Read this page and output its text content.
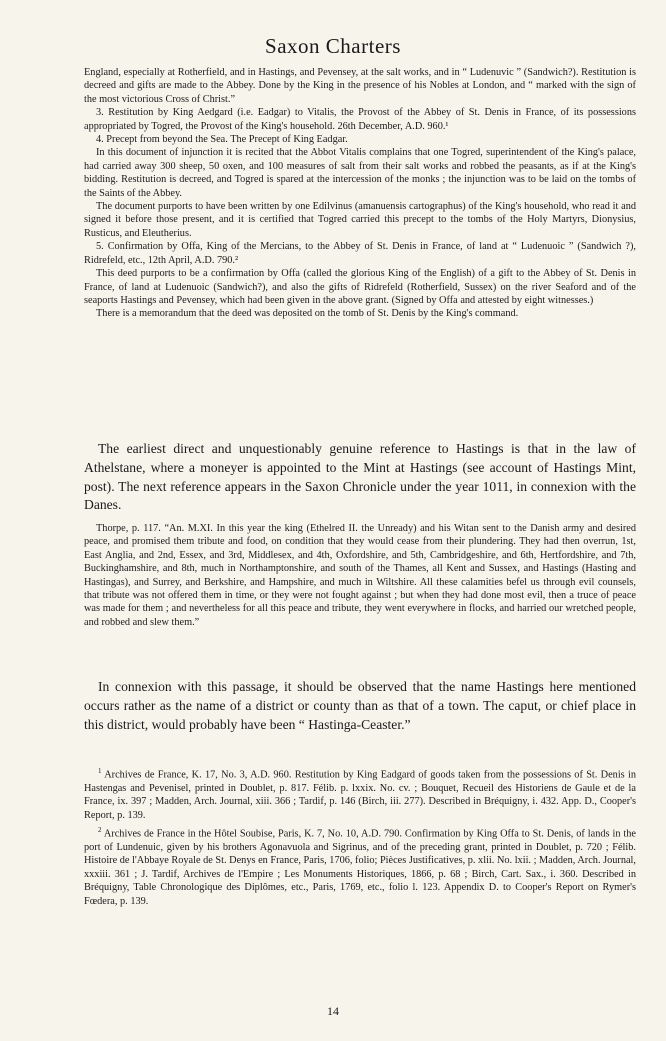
Saxon Charters

England, especially at Rotherfield, and in Hastings, and Pevensey, at the salt works, and in “ Ludenuvic ” (Sandwich?). Restitution is decreed and gifts are made to the Abbey. Done by the King in the presence of his Nobles at London, and “ marked with the sign of the most victorious Cross of Christ.”

3. Restitution by King Aedgard (i.e. Eadgar) to Vitalis, the Provost of the Abbey of St. Denis in France, of its possessions appropriated by Togred, the Provost of the King's household. 26th December, A.D. 960.¹

4. Precept from beyond the Sea. The Precept of King Eadgar.

In this document of injunction it is recited that the Abbot Vitalis complains that one Togred, superintendent of the King's palace, had carried away 300 sheep, 50 oxen, and 100 measures of salt from their salt works and robbed the peasants, as if at the King's bidding. Restitution is decreed, and Togred is spared at the intercession of the monks ; the injunction was to be laid on the tombs of the Saints of the Abbey.

The document purports to have been written by one Edilvinus (amanuensis cartographus) of the King's household, who read it and signed it before those present, and it is certified that Togred carried this precept to the tombs of the Holy Martyrs, Dionysius, Rusticus, and Eleutherius.

5. Confirmation by Offa, King of the Mercians, to the Abbey of St. Denis in France, of land at “ Ludenuoic ” (Sandwich ?), Ridrefeld, etc., 12th April, A.D. 790.²

This deed purports to be a confirmation by Offa (called the glorious King of the English) of a gift to the Abbey of St. Denis in France, of land at Ludenuoic (Sandwich?), and also the gifts of Ridrefeld (Rotherfield, Sussex) on the river Seaford and of the seaports Hastings and Pevensey, which had been given in the above grant. (Signed by Offa and attested by eight witnesses.)

There is a memorandum that the deed was deposited on the tomb of St. Denis by the King's command.

The earliest direct and unquestionably genuine reference to Hastings is that in the law of Athelstane, where a moneyer is appointed to the Mint at Hastings (see account of Hastings Mint, post). The next reference appears in the Saxon Chronicle under the year 1011, in connexion with the Danes.

Thorpe, p. 117. “An. M.XI. In this year the king (Ethelred II. the Unready) and his Witan sent to the Danish army and desired peace, and promised them tribute and food, on condition that they would cease from their plundering. They had then overrun, 1st, East Anglia, and 2nd, Essex, and 3rd, Middlesex, and 4th, Oxfordshire, and 5th, Cambridgeshire, and 6th, Hertfordshire, and 7th, Buckinghamshire, and 8th, much in Northamptonshire, and south of the Thames, all Kent and Sussex, and Hastings (Hasting and Hastingas), and Surrey, and Berkshire, and Hampshire, and much in Wiltshire. All these calamities befel us through evil counsels, that tribute was not offered them in time, or they were not fought against ; but when they had done most evil, then a truce of peace was made for them ; and nevertheless for all this peace and tribute, they went everywhere in flocks, and harried our wretched people, and robbed and slew them.”

In connexion with this passage, it should be observed that the name Hastings here mentioned occurs rather as the name of a district or county than as that of a town. The caput, or chief place in this district, would probably have been “ Hastinga-Ceaster.”

$^1$ Archives de France, K. 17, No. 3, A.D. 960. Restitution by King Eadgard of goods taken from the possessions of St. Denis in Hastengas and Pevenisel, printed in Doublet, p. 817. Félib. p. lxxix. No. cv. ; Bouquet, Recueil des Historiens de Gaule et de la France, ix. 397 ; Madden, Arch. Journal, xiii. 366 ; Tardif, p. 146 (Birch, iii. 277). Described in Bréquigny, i. 432. App. D., Cooper's Report, p. 139.

$^2$ Archives de France in the Hôtel Soubise, Paris, K. 7, No. 10, A.D. 790. Confirmation by King Offa to St. Denis, of lands in the port of Lundenuic, given by his brothers Agonavuola and Sigrinus, and of the preceding grant, printed in Doublet, p. 720 ; Félib. Histoire de l'Abbaye Royale de St. Denys en France, Paris, 1706, folio; Pièces Justificatives, p. xlii. No. lxii. ; Madden, Arch. Journal, xxxiii. 361 ; J. Tardif, Archives de l'Empire ; Les Monuments Historiques, 1866, p. 68 ; Birch, Cart. Sax., i. 360. Described in Bréquigny, Table Chronologique des Diplômes, etc., Paris, 1769, etc., folio l. 123. Appendix D. to Cooper's Report on Rymer's Fœdera, p. 139.

14
